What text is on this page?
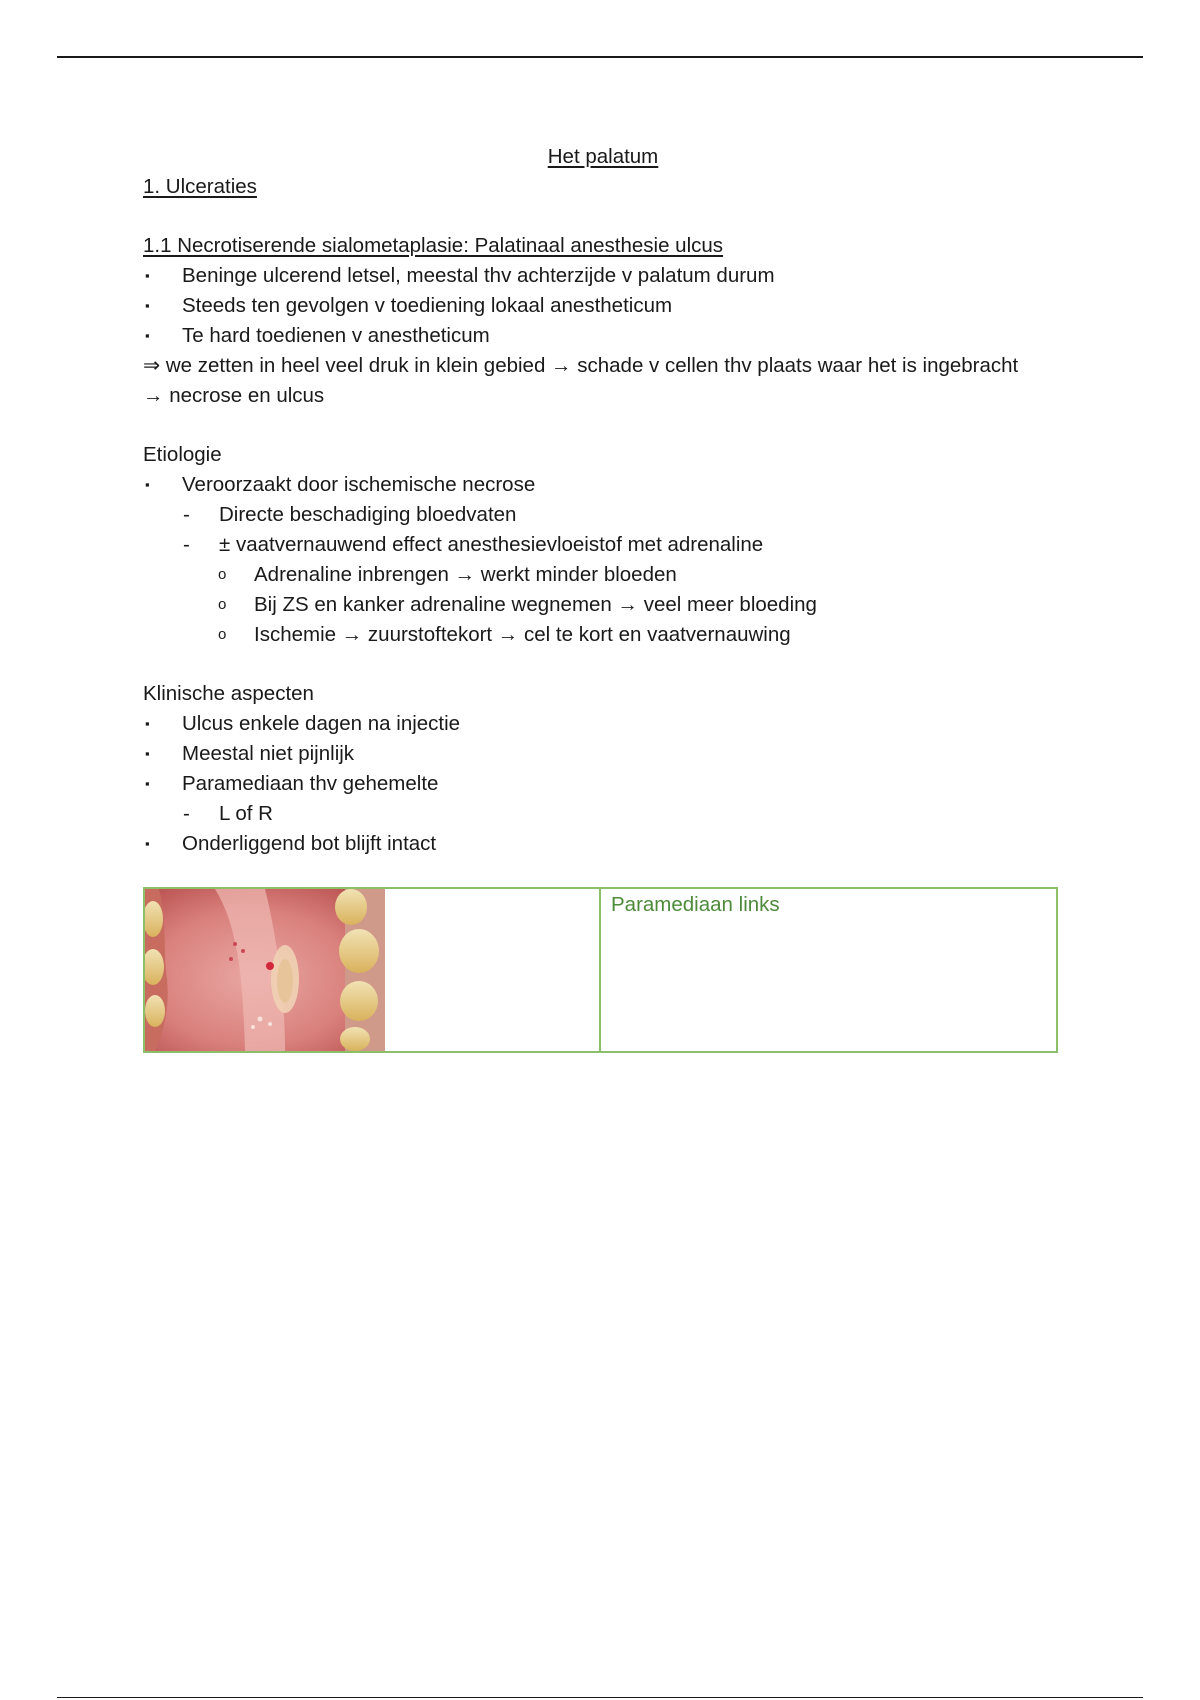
Het palatum
1. Ulceraties
1.1 Necrotiserende sialometaplasie: Palatinaal anesthesie ulcus
▪	Beninge ulcerend letsel, meestal thv achterzijde v palatum durum
▪	Steeds ten gevolgen v toediening lokaal anestheticum
▪	Te hard toedienen v anestheticum
⇒ we zetten in heel veel druk in klein gebied → schade v cellen thv plaats waar het is ingebracht → necrose en ulcus
Etiologie
▪	Veroorzaakt door ischemische necrose
-	Directe beschadiging bloedvaten
-	± vaatvernauwend effect anesthesievloeistof met adrenaline
o	Adrenaline inbrengen → werkt minder bloeden
o	Bij ZS en kanker adrenaline wegnemen → veel meer bloeding
o	Ischemie → zuurstoftekort → cel te kort en vaatvernauwing
Klinische aspecten
▪	Ulcus enkele dagen na injectie
▪	Meestal niet pijnlijk
▪	Paramediaan thv gehemelte
-	L of R
▪	Onderliggend bot blijft intact
	Paramediaan links
